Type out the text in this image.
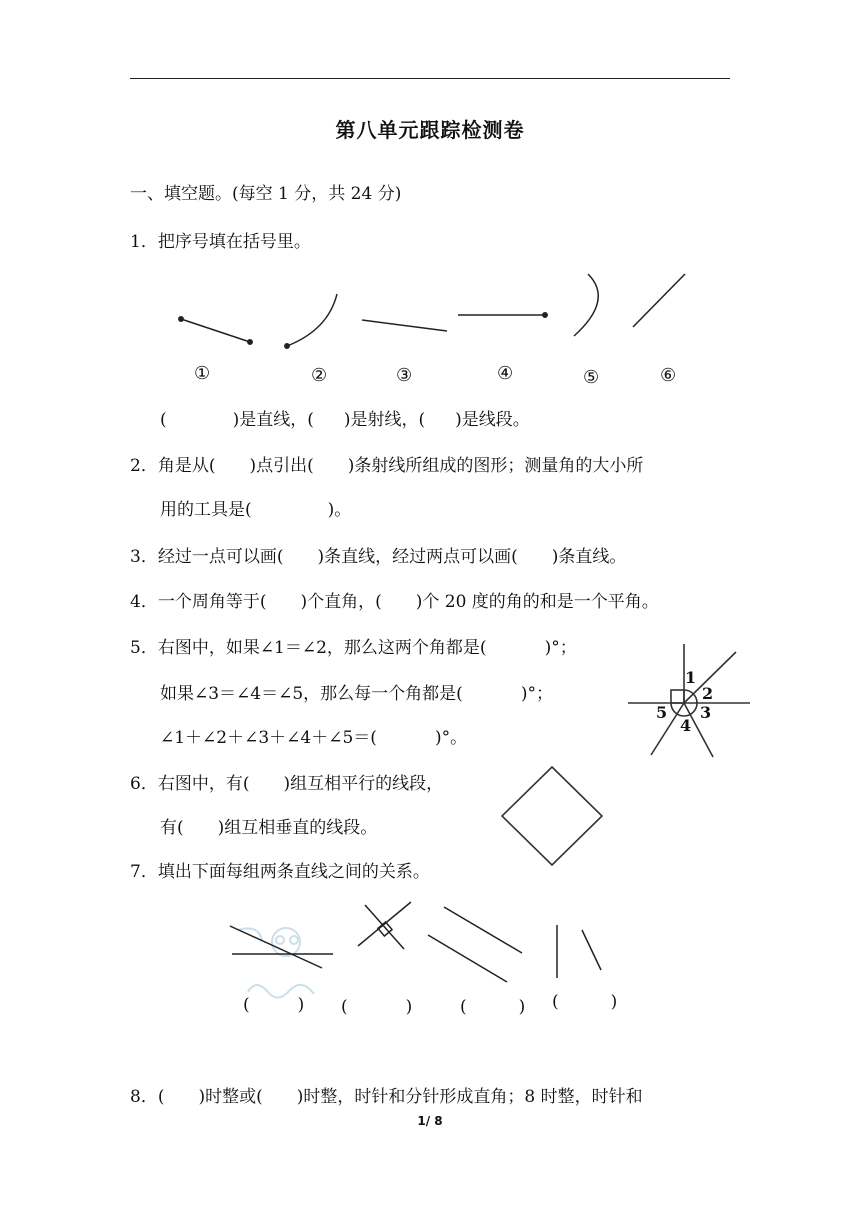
第八单元跟踪检测卷
一、填空题。(每空 1 分，共 24 分)
1．把序号填在括号里。
①	②	③	④	⑤	⑥
(	)是直线，( )是射线，( )是线段。
2．角是从( )点引出( )条射线所组成的图形；测量角的大小所
用的工具是(	)。
3．经过一点可以画( )条直线，经过两点可以画( )条直线。
4．一个周角等于( )个直角，( )个 20 度的角的和是一个平角。
5．右图中，如果∠1＝∠2，那么这两个角都是(	)°；
如果∠3＝∠4＝∠5，那么每一个角都是(	)°；
∠1＋∠2＋∠3＋∠4＋∠5＝(	)°。
1
2
3
4
5
6．右图中，有( )组互相平行的线段，
有( )组互相垂直的线段。
7．填出下面每组两条直线之间的关系。
(	) (	)	(	) (	)
8．( )时整或( )时整，时针和分针形成直角；8 时整，时针和
1/ 8
